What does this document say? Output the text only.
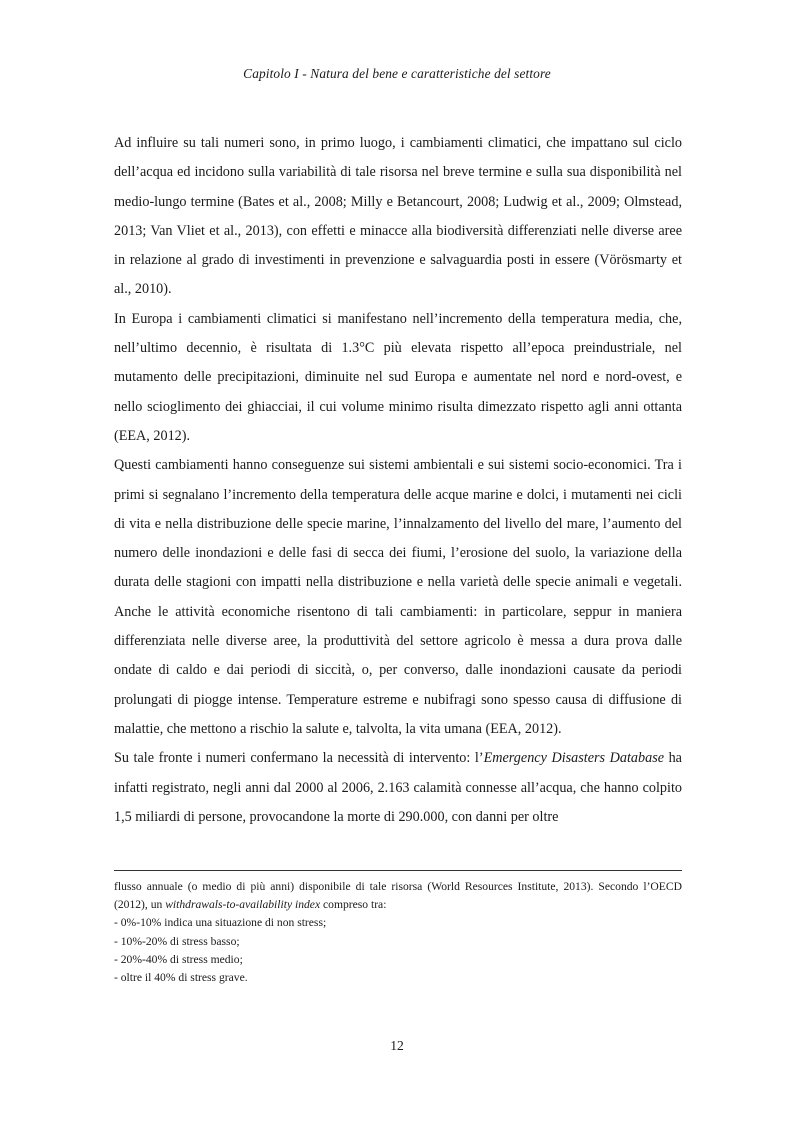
Capitolo I - Natura del bene e caratteristiche del settore

Ad influire su tali numeri sono, in primo luogo, i cambiamenti climatici, che impattano sul ciclo dell’acqua ed incidono sulla variabilità di tale risorsa nel breve termine e sulla sua disponibilità nel medio-lungo termine (Bates et al., 2008; Milly e Betancourt, 2008; Ludwig et al., 2009; Olmstead, 2013; Van Vliet et al., 2013), con effetti e minacce alla biodiversità differenziati nelle diverse aree in relazione al grado di investimenti in prevenzione e salvaguardia posti in essere (Vörösmarty et al., 2010).

In Europa i cambiamenti climatici si manifestano nell’incremento della temperatura media, che, nell’ultimo decennio, è risultata di 1.3°C più elevata rispetto all’epoca preindustriale, nel mutamento delle precipitazioni, diminuite nel sud Europa e aumentate nel nord e nord-ovest, e nello scioglimento dei ghiacciai, il cui volume minimo risulta dimezzato rispetto agli anni ottanta (EEA, 2012).

Questi cambiamenti hanno conseguenze sui sistemi ambientali e sui sistemi socio-economici. Tra i primi si segnalano l’incremento della temperatura delle acque marine e dolci, i mutamenti nei cicli di vita e nella distribuzione delle specie marine, l’innalzamento del livello del mare, l’aumento del numero delle inondazioni e delle fasi di secca dei fiumi, l’erosione del suolo, la variazione della durata delle stagioni con impatti nella distribuzione e nella varietà delle specie animali e vegetali. Anche le attività economiche risentono di tali cambiamenti: in particolare, seppur in maniera differenziata nelle diverse aree, la produttività del settore agricolo è messa a dura prova dalle ondate di caldo e dai periodi di siccità, o, per converso, dalle inondazioni causate da periodi prolungati di piogge intense. Temperature estreme e nubifragi sono spesso causa di diffusione di malattie, che mettono a rischio la salute e, talvolta, la vita umana (EEA, 2012).

Su tale fronte i numeri confermano la necessità di intervento: l’Emergency Disasters Database ha infatti registrato, negli anni dal 2000 al 2006, 2.163 calamità connesse all’acqua, che hanno colpito 1,5 miliardi di persone, provocandone la morte di 290.000, con danni per oltre

flusso annuale (o medio di più anni) disponibile di tale risorsa (World Resources Institute, 2013). Secondo l’OECD (2012), un withdrawals-to-availability index compreso tra:

- 0%-10% indica una situazione di non stress;
- 10%-20% di stress basso;
- 20%-40% di stress medio;
- oltre il 40% di stress grave.
12
